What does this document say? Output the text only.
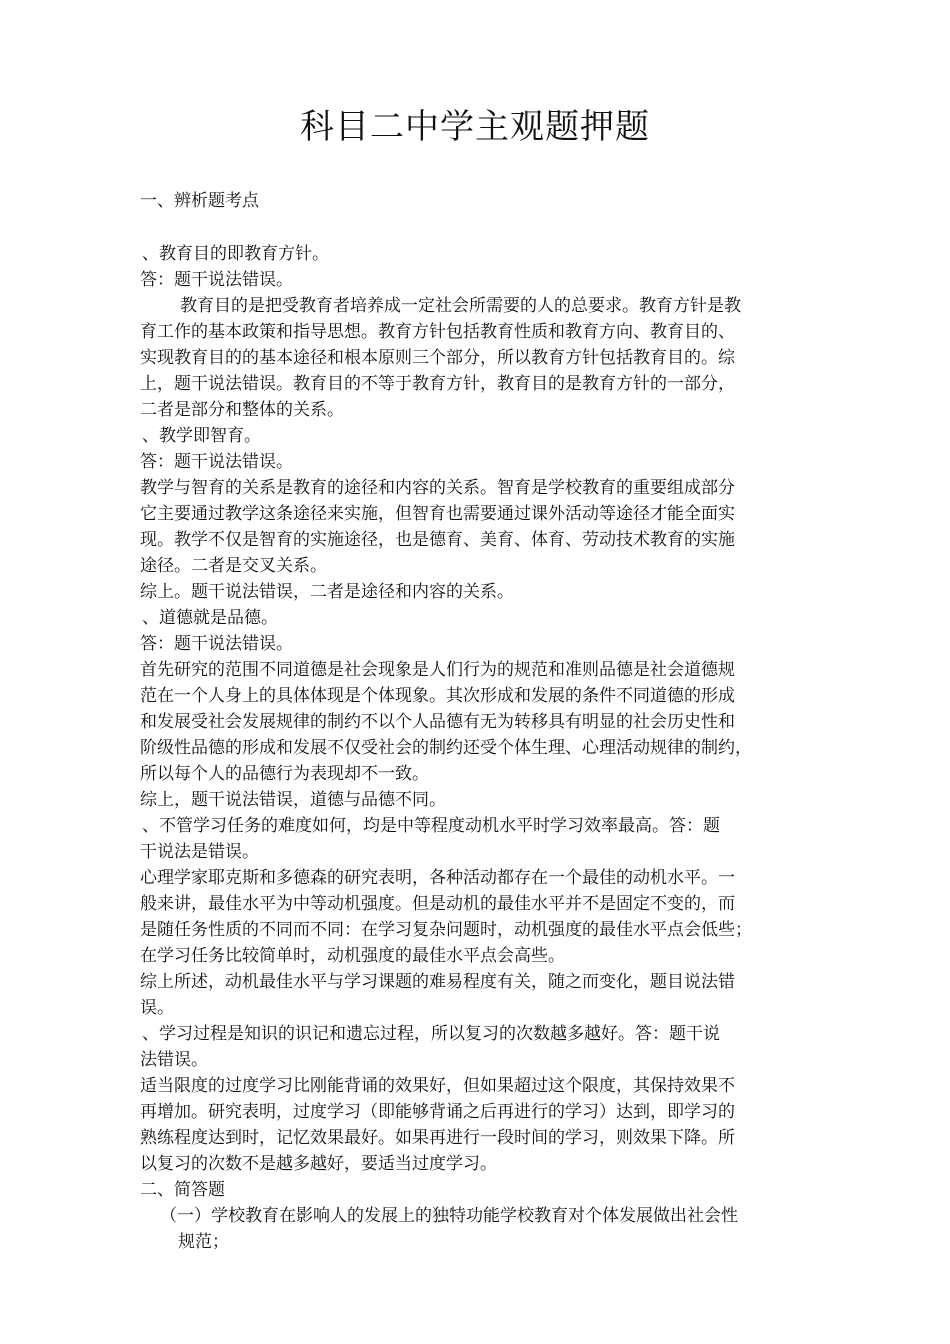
科目二中学主观题押题
一、辨析题考点
、教育目的即教育方针。
答：题干说法错误。
教育目的是把受教育者培养成一定社会所需要的人的总要求。教育方针是教
育工作的基本政策和指导思想。教育方针包括教育性质和教育方向、教育目的、
实现教育目的的基本途径和根本原则三个部分，所以教育方针包括教育目的。综
上，题干说法错误。教育目的不等于教育方针，教育目的是教育方针的一部分，
二者是部分和整体的关系。
、教学即智育。
答：题干说法错误。
教学与智育的关系是教育的途径和内容的关系。智育是学校教育的重要组成部分
它主要通过教学这条途径来实施，但智育也需要通过课外活动等途径才能全面实
现。教学不仅是智育的实施途径，也是德育、美育、体育、劳动技术教育的实施
途径。二者是交叉关系。
综上。题干说法错误，二者是途径和内容的关系。
、道德就是品德。
答：题干说法错误。
首先研究的范围不同道德是社会现象是人们行为的规范和准则品德是社会道德规
范在一个人身上的具体体现是个体现象。其次形成和发展的条件不同道德的形成
和发展受社会发展规律的制约不以个人品德有无为转移具有明显的社会历史性和
阶级性品德的形成和发展不仅受社会的制约还受个体生理、心理活动规律的制约，
所以每个人的品德行为表现却不一致。
综上，题干说法错误，道德与品德不同。
、不管学习任务的难度如何，均是中等程度动机水平时学习效率最高。答：题
干说法是错误。
心理学家耶克斯和多德森的研究表明，各种活动都存在一个最佳的动机水平。一
般来讲，最佳水平为中等动机强度。但是动机的最佳水平并不是固定不变的，而
是随任务性质的不同而不同：在学习复杂问题时，动机强度的最佳水平点会低些；
在学习任务比较简单时，动机强度的最佳水平点会高些。
综上所述，动机最佳水平与学习课题的难易程度有关，随之而变化，题目说法错
误。
、学习过程是知识的识记和遗忘过程，所以复习的次数越多越好。答：题干说
法错误。
适当限度的过度学习比刚能背诵的效果好，但如果超过这个限度，其保持效果不
再增加。研究表明，过度学习（即能够背诵之后再进行的学习）达到，即学习的
熟练程度达到时，记忆效果最好。如果再进行一段时间的学习，则效果下降。所
以复习的次数不是越多越好，要适当过度学习。
二、简答题
（一）学校教育在影响人的发展上的独特功能学校教育对个体发展做出社会性
规范；
